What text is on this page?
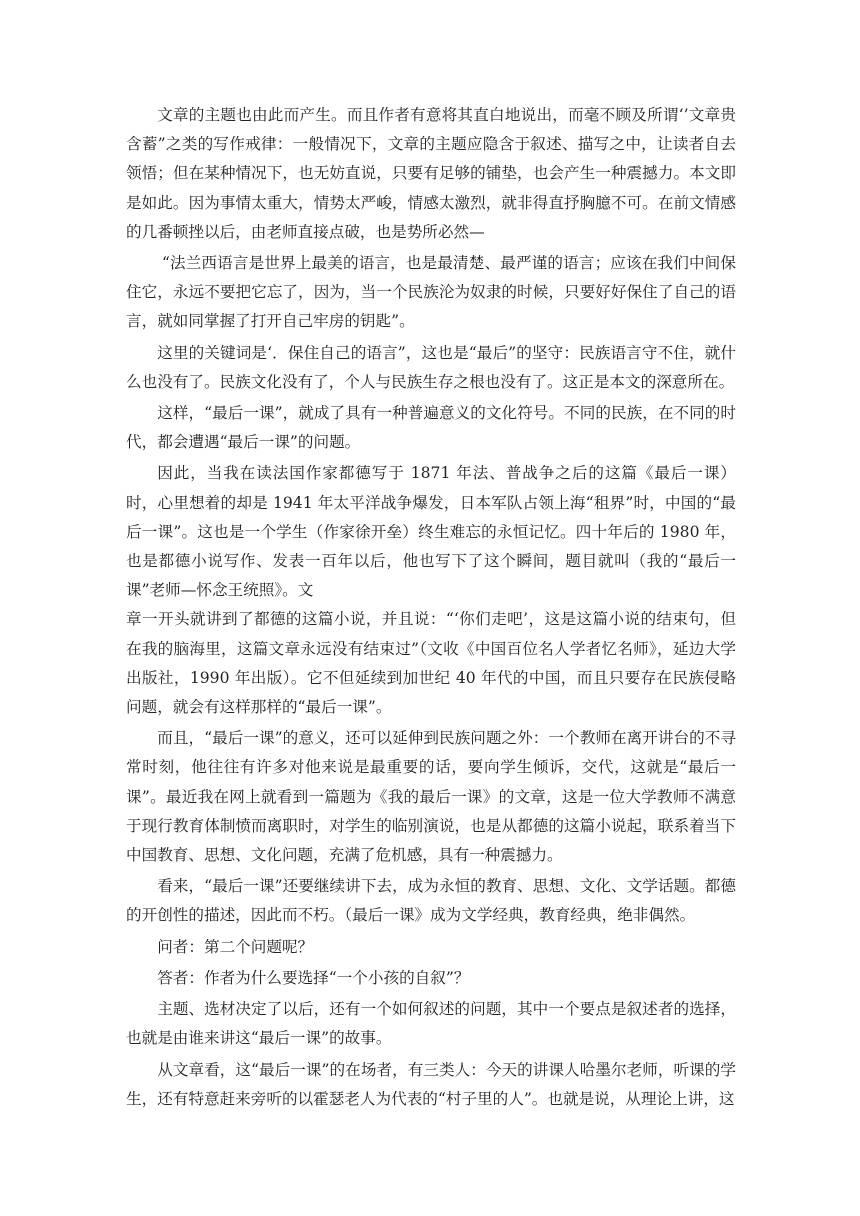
文章的主题也由此而产生。而且作者有意将其直白地说出，而毫不顾及所谓‘’文章贵含蓄”之类的写作戒律：一般情况下，文章的主题应隐含于叙述、描写之中，让读者自去领悟；但在某种情况下，也无妨直说，只要有足够的铺垫，也会产生一种震撼力。本文即是如此。因为事情太重大，情势太严峻，情感太激烈，就非得直抒胸臆不可。在前文情感的几番顿挫以后，由老师直接点破，也是势所必然—

“法兰西语言是世界上最美的语言，也是最清楚、最严谨的语言；应该在我们中间保住它，永远不要把它忘了，因为，当一个民族沦为奴隶的时候，只要好好保住了自己的语言，就如同掌握了打开自己牢房的钥匙”。

这里的关键词是‘．保住自己的语言”，这也是“最后”的坚守：民族语言守不住，就什么也没有了。民族文化没有了，个人与民族生存之根也没有了。这正是本文的深意所在。

这样，“最后一课”，就成了具有一种普遍意义的文化符号。不同的民族，在不同的时代，都会遭遇“最后一课”的问题。

因此，当我在读法国作家都德写于 1871 年法、普战争之后的这篇《最后一课）时，心里想着的却是 1941 年太平洋战争爆发，日本军队占领上海“租界”时，中国的“最后一课”。这也是一个学生（作家徐开垒）终生难忘的永恒记忆。四十年后的 1980 年，也是都德小说写作、发表一百年以后，他也写下了这个瞬间，题目就叫（我的“最后一课”老师—怀念王统照》。文

章一开头就讲到了都德的这篇小说，并且说：“‘你们走吧’，这是这篇小说的结束句，但在我的脑海里，这篇文章永远没有结束过”（文收《中国百位名人学者忆名师》，延边大学出版社，1990 年出版）。它不但延续到加世纪 40 年代的中国，而且只要存在民族侵略问题，就会有这样那样的“最后一课”。

而且，“最后一课”的意义，还可以延伸到民族问题之外：一个教师在离开讲台的不寻常时刻，他往往有许多对他来说是最重要的话，要向学生倾诉，交代，这就是“最后一课”。最近我在网上就看到一篇题为《我的最后一课》的文章，这是一位大学教师不满意于现行教育体制愤而离职时，对学生的临别演说，也是从都德的这篇小说起，联系着当下中国教育、思想、文化问题，充满了危机感，具有一种震撼力。

看来，“最后一课”还要继续讲下去，成为永恒的教育、思想、文化、文学话题。都德的开创性的描述，因此而不朽。（最后一课》成为文学经典，教育经典，绝非偶然。

问者：第二个问题呢？

答者：作者为什么要选择“一个小孩的自叙”？

主题、选材决定了以后，还有一个如何叙述的问题，其中一个要点是叙述者的选择，也就是由谁来讲这“最后一课”的故事。

从文章看，这“最后一课”的在场者，有三类人：今天的讲课人哈墨尔老师，听课的学生，还有特意赶来旁听的以霍瑟老人为代表的“村子里的人”。也就是说，从理论上讲，这
